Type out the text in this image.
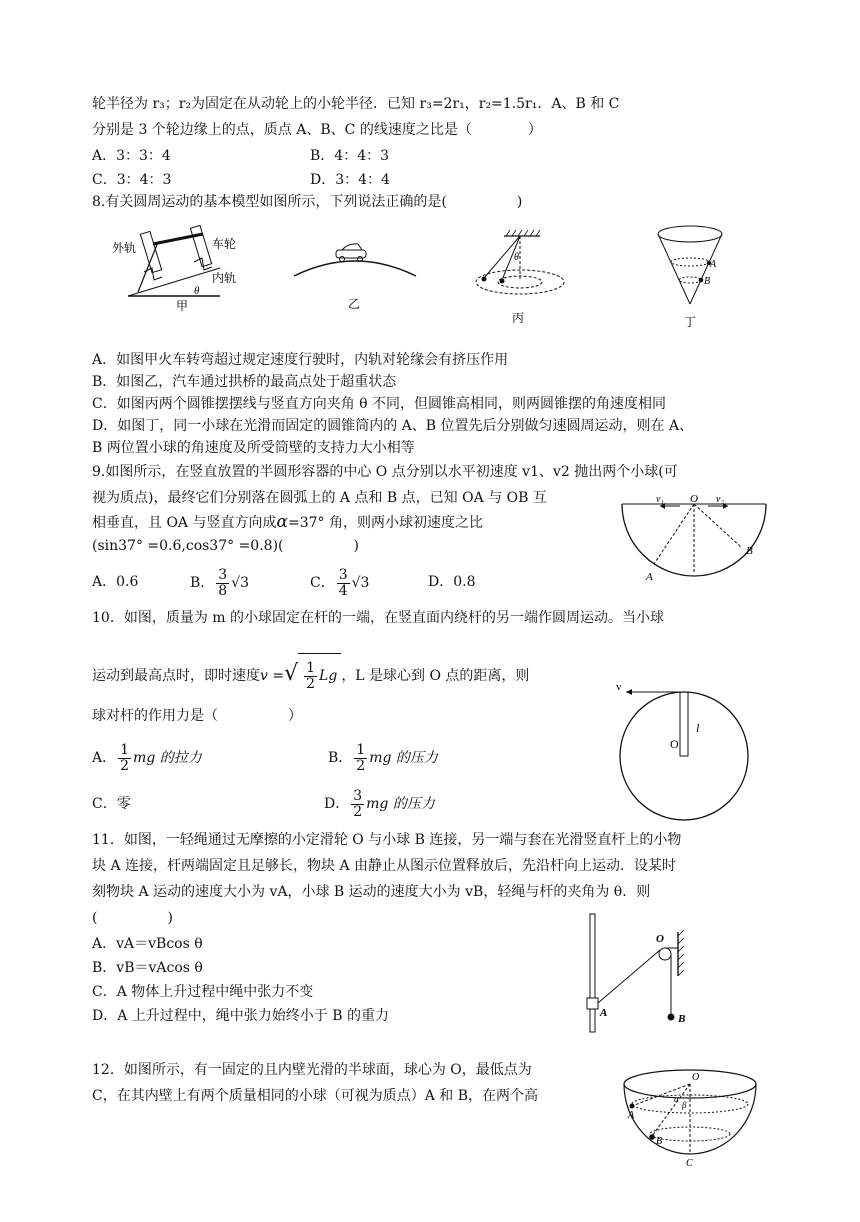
轮半径为 r₃；r₂为固定在从动轮上的小轮半径．已知 r₃=2r₁，r₂=1.5r₁．A、B 和 C
分别是 3 个轮边缘上的点，质点 A、B、C 的线速度之比是（　　　　）
A．3：3：4	B．4：4：3
C．3：4：3	D．3：4：4
8.有关圆周运动的基本模型如图所示，下列说法正确的是(　　　　　)
外轨	车轮
内轨
θ
甲	乙
θ
丙
A
B
丁
A．如图甲火车转弯超过规定速度行驶时，内轨对轮缘会有挤压作用
B．如图乙，汽车通过拱桥的最高点处于超重状态
C．如图丙两个圆锥摆摆线与竖直方向夹角 θ 不同，但圆锥高相同，则两圆锥摆的角速度相同
D．如图丁，同一小球在光滑而固定的圆锥筒内的 A、B 位置先后分别做匀速圆周运动，则在 A、
B 两位置小球的角速度及所受筒壁的支持力大小相等
9.如图所示，在竖直放置的半圆形容器的中心 O 点分别以水平初速度 v1、v2 抛出两个小球(可
视为质点)，最终它们分别落在圆弧上的 A 点和 B 点，已知 OA 与 OB 互
相垂直，且 OA 与竖直方向成α=37° 角，则两小球初速度之比
(sin37° =0.6,cos37° =0.8)(　　　　　)
A．0.6	B． $\frac{3}{8} √3$	C． $\frac{3}{4} √3$	D．0.8
v₁ O v₂
A
B
10．如图，质量为 m 的小球固定在杆的一端，在竖直面内绕杆的另一端作圆周运动。当小球
运动到最高点时，即时速度v =√ $\frac{1}{2}$ Lg ，L 是球心到 O 点的距离，则
球对杆的作用力是（　　　　　）
A． $\frac{1}{2}$ mg 的拉力	B． $\frac{1}{2}$ mg 的压力
C．零	D． $\frac{3}{2}$ mg 的压力
v
O
l
11．如图，一轻绳通过无摩擦的小定滑轮 O 与小球 B 连接，另一端与套在光滑竖直杆上的小物
块 A 连接，杆两端固定且足够长，物块 A 由静止从图示位置释放后，先沿杆向上运动．设某时
刻物块 A 运动的速度大小为 vA，小球 B 运动的速度大小为 vB，轻绳与杆的夹角为 θ．则
(　　　　　)
A．vA＝vBcos θ
B．vB＝vAcos θ
C．A 物体上升过程中绳中张力不变
D．A 上升过程中，绳中张力始终小于 B 的重力
O
A	B
12．如图所示，有一固定的且内壁光滑的半球面，球心为 O，最低点为
C，在其内壁上有两个质量相同的小球（可视为质点）A 和 B，在两个高
O
α
β
A
B
C
